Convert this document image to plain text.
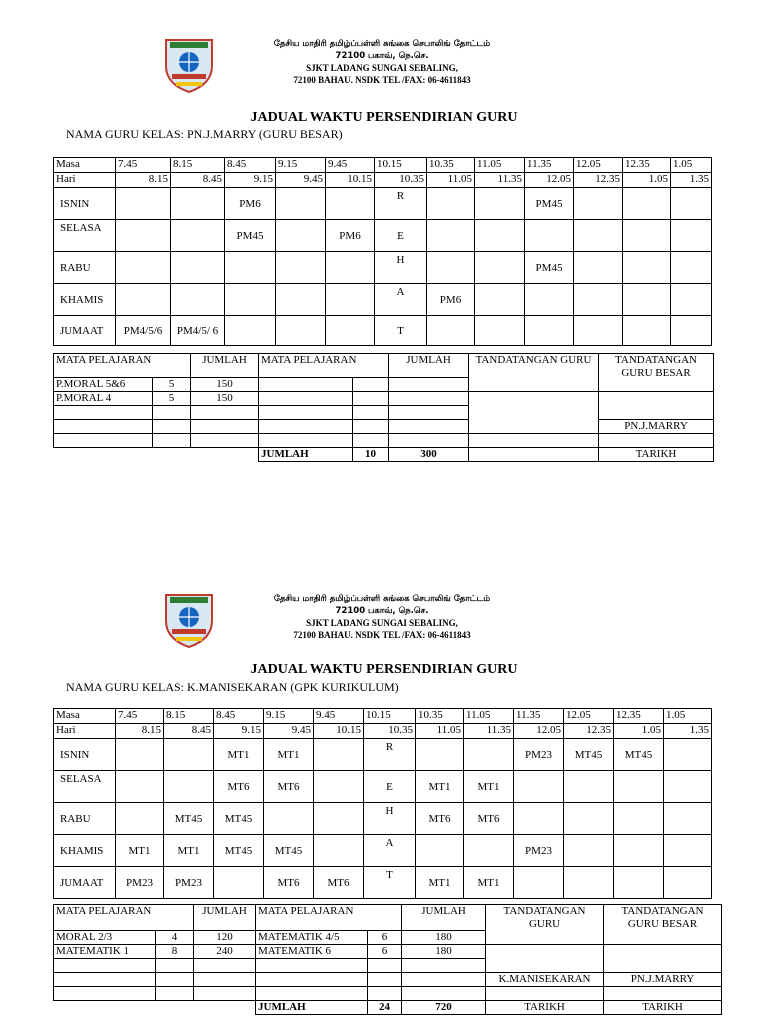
தேசிய மாதிரி தமிழ்ப்பள்ளி சுங்கை செபாலிங் தோட்டம்
72100 பகாவ், நெ.செ.
SJKT LADANG SUNGAI SEBALING,
72100 BAHAU. NSDK TEL /FAX: 06-4611843
JADUAL WAKTU PERSENDIRIAN GURU
NAMA GURU KELAS: PN.J.MARRY (GURU BESAR)
Masa	7.45	8.15	8.45	9.15	9.45	10.15	10.35	11.05	11.35	12.05	12.35	1.05
Hari	8.15	8.45	9.15	9.45	10.15	10.35	11.05	11.35	12.05	12.35	1.05	1.35
ISNIN			PM6			R			PM45			
SELASA			PM45		PM6	E						
RABU						H			PM45			
KHAMIS						A	PM6					
JUMAAT	PM4/5/6	PM4/5/ 6				T						
MATA PELAJARAN		JUMLAH	MATA PELAJARAN		JUMLAH	TANDATANGAN GURU	TANDATANGAN GURU BESAR
P.MORAL 5&6	5	150					
P.MORAL 4	5	150					

							PN.J.MARRY

			JUMLAH	10	300		TARIKH
தேசிய மாதிரி தமிழ்ப்பள்ளி சுங்கை செபாலிங் தோட்டம்
72100 பகாவ், நெ.செ.
SJKT LADANG SUNGAI SEBALING,
72100 BAHAU. NSDK TEL /FAX: 06-4611843
JADUAL WAKTU PERSENDIRIAN GURU
NAMA GURU KELAS: K.MANISEKARAN (GPK KURIKULUM)
Masa	7.45	8.15	8.45	9.15	9.45	10.15	10.35	11.05	11.35	12.05	12.35	1.05
Hari	8.15	8.45	9.15	9.45	10.15	10.35	11.05	11.35	12.05	12.35	1.05	1.35
ISNIN			MT1	MT1		R			PM23	MT45	MT45	
SELASA			MT6	MT6		E	MT1	MT1				
RABU		MT45	MT45			H	MT6	MT6				
KHAMIS	MT1	MT1	MT45	MT45		A			PM23			
JUMAAT	PM23	PM23		MT6	MT6	T	MT1	MT1				
MATA PELAJARAN		JUMLAH	MATA PELAJARAN		JUMLAH	TANDATANGAN GURU	TANDATANGAN GURU BESAR
MORAL 2/3	4	120	MATEMATIK 4/5	6	180		
MATEMATIK 1	8	240	MATEMATIK 6	6	180		

						K.MANISEKARAN	PN.J.MARRY

			JUMLAH	24	720	TARIKH	TARIKH
